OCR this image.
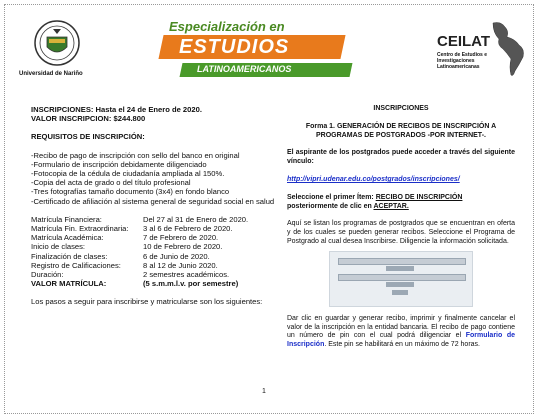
Universidad de Nariño
Especialización en
ESTUDIOS
LATINOAMERICANOS
CEILAT
Centro de Estudios e Investigaciones Latinoamericanas

INSCRIPCIONES: Hasta el 24 de Enero de 2020.

VALOR INSCRIPCION: $244.800

REQUISITOS DE INSCRIPCIÓN:

-Recibo de pago de inscripción con sello del banco en original

-Formulario de inscripción debidamente diligenciado

-Fotocopia de la cédula de ciudadanía ampliada al 150%.

-Copia del acta de grado o del título profesional

-Tres fotografías tamaño documento (3x4) en fondo blanco

-Certificado de afiliación al sistema general de seguridad social en salud

Matrícula Financiera:	Del 27 al 31 de Enero de 2020.
Matrícula Fin. Extraordinaria:	3 al 6 de Febrero de 2020.
Matrícula Académica:	7 de Febrero de 2020.
Inicio de clases:	10 de Febrero de 2020.
Finalización de clases:	6 de Junio de 2020.
Registro de Calificaciones:	8 al 12 de Junio 2020.
Duración:	2 semestres académicos.
VALOR MATRÍCULA:	(5 s.m.m.l.v. por semestre)

Los pasos a seguir para inscribirse y matricularse son los siguientes:

INSCRIPCIONES

Forma 1. GENERACIÓN DE RECIBOS DE INSCRIPCIÓN A PROGRAMAS DE POSTGRADOS -POR INTERNET-.

El aspirante de los postgrados puede acceder a través del siguiente vínculo:

http://vipri.udenar.edu.co/postgrados/inscripciones/

Seleccione el primer Ítem: RECIBO DE INSCRIPCIÓN posteriormente de clic en ACEPTAR.

Aquí se listan los programas de postgrados que se encuentran en oferta y de los cuales se pueden generar recibos. Seleccione el Programa de Postgrado al cual desea Inscribirse. Diligencie la información solicitada.

Dar clic en guardar y generar recibo, imprimir y finalmente cancelar el valor de la inscripción en la entidad bancaria. El recibo de pago contiene un número de pin con el cual podrá diligenciar el Formulario de Inscripción. Este pin se habilitará en un máximo de 72 horas.

1
